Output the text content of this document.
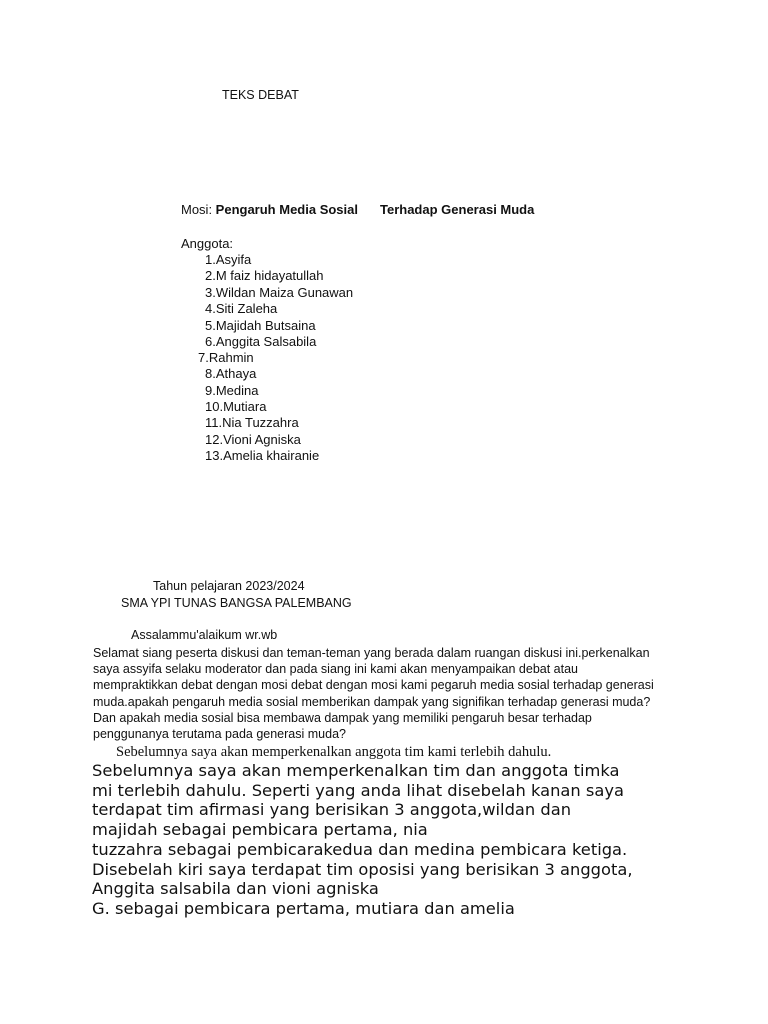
TEKS DEBAT
Mosi: Pengaruh Media Sosial Terhadap Generasi Muda
Anggota:
1.Asyifa
2.M faiz hidayatullah
3.Wildan Maiza Gunawan
4.Siti Zaleha
5.Majidah Butsaina
6.Anggita Salsabila
7.Rahmin
8.Athaya
9.Medina
10.Mutiara
11.Nia Tuzzahra
12.Vioni Agniska
13.Amelia khairanie
Tahun pelajaran 2023/2024
SMA YPI TUNAS BANGSA PALEMBANG
Assalammu'alaikum wr.wb
Selamat siang peserta diskusi dan teman-teman yang berada dalam ruangan diskusi ini.perkenalkan
saya assyifa selaku moderator dan pada siang ini kami akan menyampaikan debat atau
mempraktikkan debat dengan mosi debat dengan mosi kami pegaruh media sosial terhadap generasi
muda.apakah pengaruh media sosial memberikan dampak yang signifikan terhadap generasi muda?
Dan apakah media sosial bisa membawa dampak yang memiliki pengaruh besar terhadap
penggunanya terutama pada generasi muda?
Sebelumnya saya akan memperkenalkan anggota tim kami terlebih dahulu.
Sebelumnya saya akan memperkenalkan tim dan anggota timka
mi terlebih dahulu. Seperti yang anda lihat disebelah kanan saya
terdapat tim afirmasi yang berisikan 3 anggota,wildan dan
majidah sebagai pembicara pertama, nia
tuzzahra sebagai pembicarakedua dan medina pembicara ketiga.
Disebelah kiri saya terdapat tim oposisi yang berisikan 3 anggota,
Anggita salsabila dan vioni agniska
G. sebagai pembicara pertama, mutiara dan amelia
